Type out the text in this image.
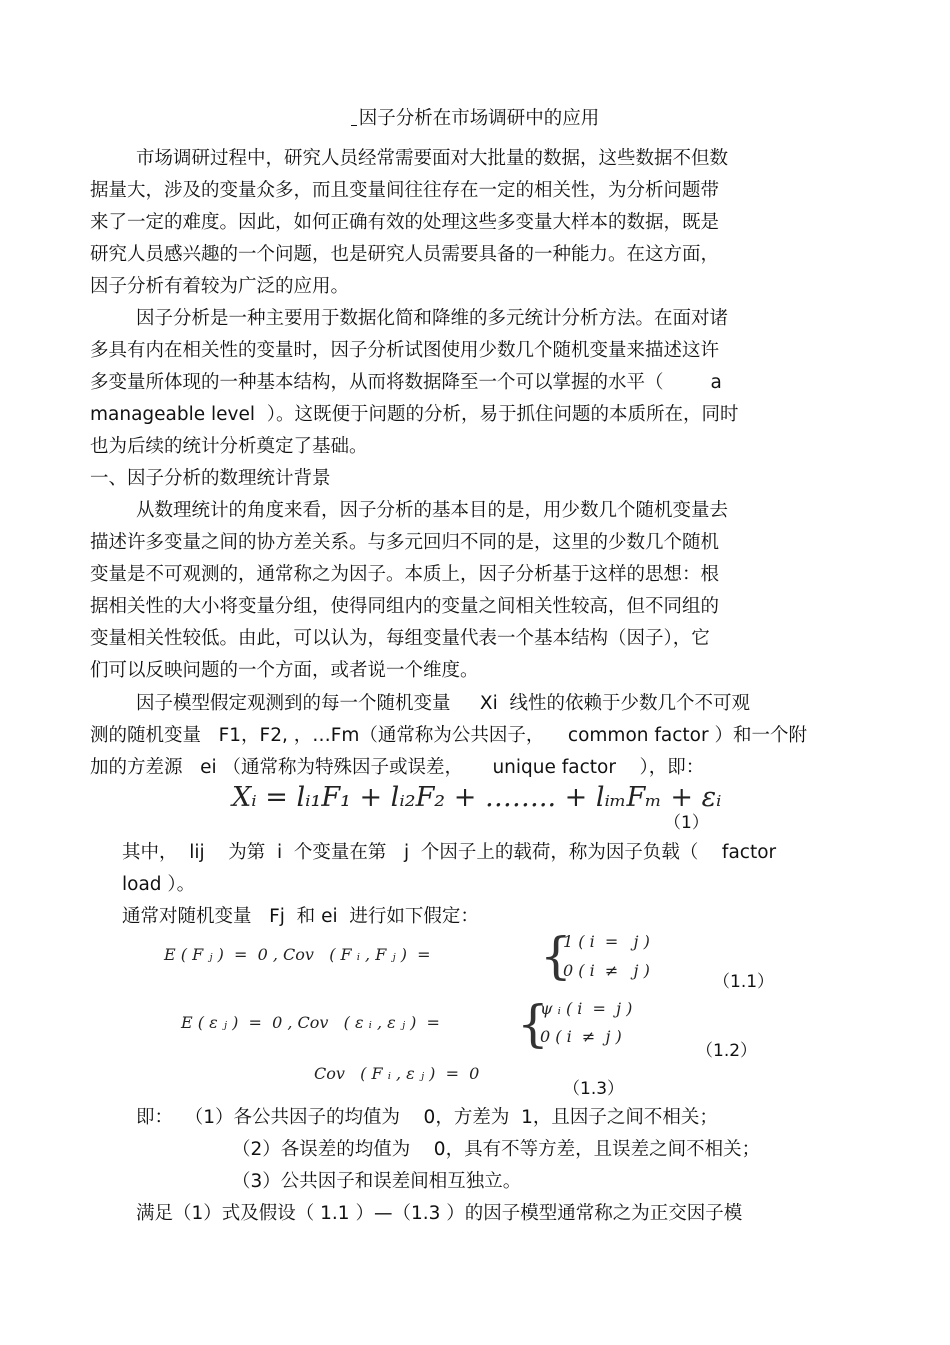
因子分析在市场调研中的应用
市场调研过程中，研究人员经常需要面对大批量的数据，这些数据不但数
据量大，涉及的变量众多，而且变量间往往存在一定的相关性，为分析问题带
来了一定的难度。因此，如何正确有效的处理这些多变量大样本的数据，既是
研究人员感兴趣的一个问题，也是研究人员需要具备的一种能力。在这方面，
因子分析有着较为广泛的应用。
因子分析是一种主要用于数据化简和降维的多元统计分析方法。在面对诸
多具有内在相关性的变量时，因子分析试图使用少数几个随机变量来描述这许
多变量所体现的一种基本结构，从而将数据降至一个可以掌握的水平（        a
manageable level  ）。这既便于问题的分析，易于抓住问题的本质所在，同时
也为后续的统计分析奠定了基础。
一、因子分析的数理统计背景
从数理统计的角度来看，因子分析的基本目的是，用少数几个随机变量去
描述许多变量之间的协方差关系。与多元回归不同的是，这里的少数几个随机
变量是不可观测的，通常称之为因子。本质上，因子分析基于这样的思想：根
据相关性的大小将变量分组，使得同组内的变量之间相关性较高，但不同组的
变量相关性较低。由此，可以认为，每组变量代表一个基本结构（因子），它
们可以反映问题的一个方面，或者说一个维度。
因子模型假定观测到的每一个随机变量     Xi  线性的依赖于少数几个不可观
测的随机变量   F1，F2, ，…Fm（通常称为公共因子，    common factor ）和一个附
加的方差源   ei （通常称为特殊因子或误差，     unique factor    ），即：
Xᵢ = lᵢ₁F₁ + lᵢ₂F₂ + …….. + lᵢₘFₘ + εᵢ
（1）
其中，  lij    为第  i  个变量在第   j  个因子上的载荷，称为因子负载（    factor
load ）。
通常对随机变量   Fj  和 ei  进行如下假定：
E ( F ⱼ )  =  0 , Cov   ( F ᵢ , F ⱼ )  = {
1 ( i  =   j )
0 ( i  ≠   j )
（1.1）
E ( ε ⱼ )  =  0 , Cov   ( ε ᵢ , ε ⱼ )  = {
ψ ᵢ ( i  =  j )
0 ( i  ≠  j )
（1.2）
Cov   ( F ᵢ , ε ⱼ )  =  0
（1.3）
即：  （1）各公共因子的均值为    0，方差为  1，且因子之间不相关；
（2）各误差的均值为    0，具有不等方差，且误差之间不相关；
（3）公共因子和误差间相互独立。
满足（1）式及假设（ 1.1 ）—（1.3 ）的因子模型通常称之为正交因子模
